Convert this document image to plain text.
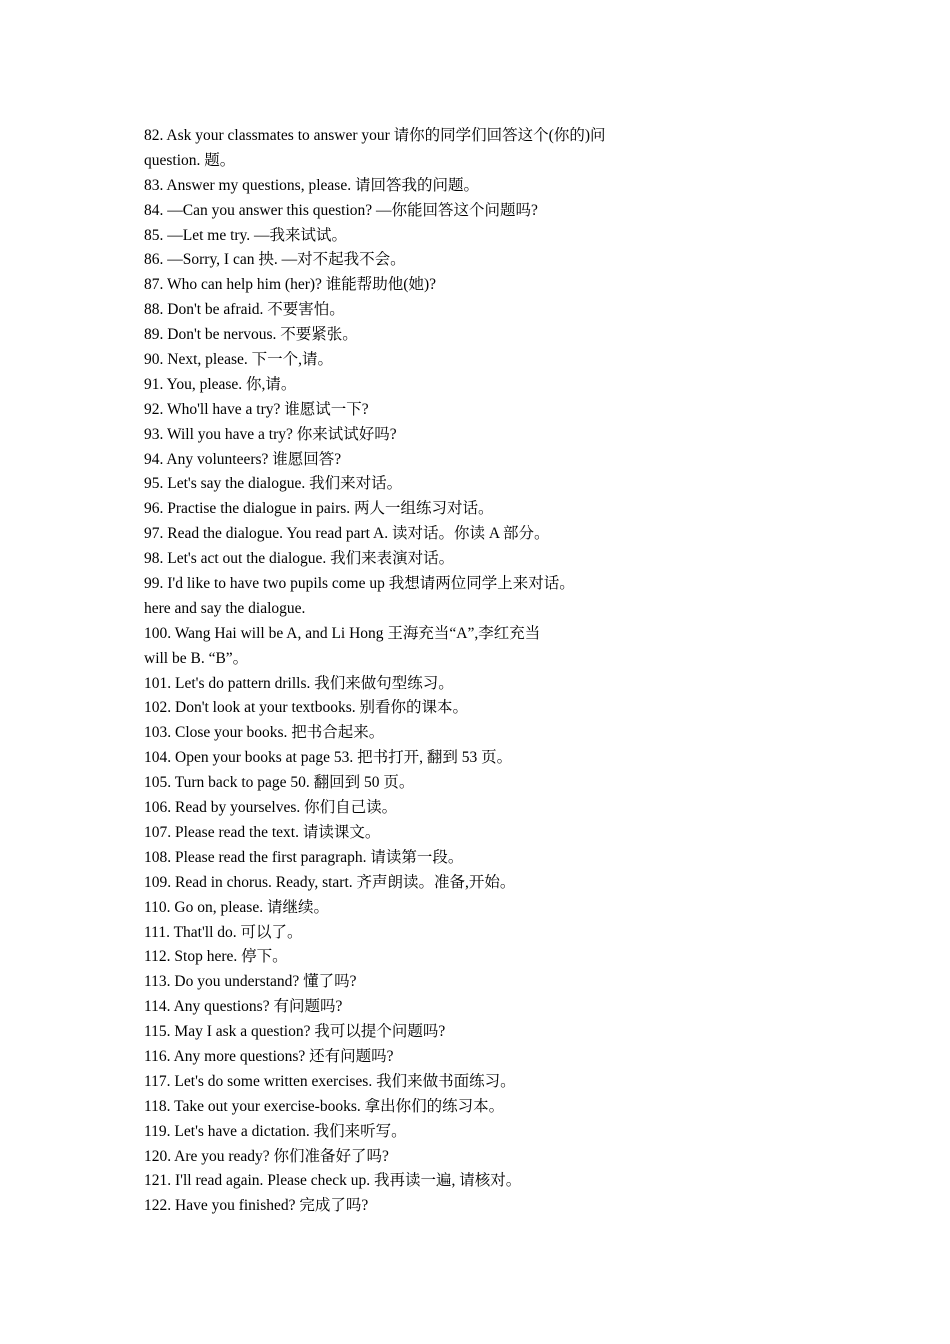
82. Ask your classmates to answer your 请你的同学们回答这个(你的)问
question. 题。
83. Answer my questions, please. 请回答我的问题。
84. —Can you answer this question? —你能回答这个问题吗?
85. —Let me try. —我来试试。
86. —Sorry, I can 抰. —对不起我不会。
87. Who can help him (her)? 谁能帮助他(她)?
88. Don't be afraid. 不要害怕。
89. Don't be nervous. 不要紧张。
90. Next, please. 下一个,请。
91. You, please. 你,请。
92. Who'll have a try? 谁愿试一下?
93. Will you have a try? 你来试试好吗?
94. Any volunteers? 谁愿回答?
95. Let's say the dialogue. 我们来对话。
96. Practise the dialogue in pairs. 两人一组练习对话。
97. Read the dialogue. You read part A. 读对话。你读 A 部分。
98. Let's act out the dialogue. 我们来表演对话。
99. I'd like to have two pupils come up 我想请两位同学上来对话。
here and say the dialogue.
100. Wang Hai will be A, and Li Hong 王海充当“A”,李红充当
will be B. “B”。
101. Let's do pattern drills. 我们来做句型练习。
102. Don't look at your textbooks. 别看你的课本。
103. Close your books. 把书合起来。
104. Open your books at page 53. 把书打开, 翻到 53 页。
105. Turn back to page 50. 翻回到 50 页。
106. Read by yourselves. 你们自己读。
107. Please read the text. 请读课文。
108. Please read the first paragraph. 请读第一段。
109. Read in chorus. Ready, start. 齐声朗读。准备,开始。
110. Go on, please. 请继续。
111. That'll do. 可以了。
112. Stop here. 停下。
113. Do you understand? 懂了吗?
114. Any questions? 有问题吗?
115. May I ask a question? 我可以提个问题吗?
116. Any more questions? 还有问题吗?
117. Let's do some written exercises. 我们来做书面练习。
118. Take out your exercise-books. 拿出你们的练习本。
119. Let's have a dictation. 我们来听写。
120. Are you ready? 你们准备好了吗?
121. I'll read again. Please check up. 我再读一遍, 请核对。
122. Have you finished? 完成了吗?
